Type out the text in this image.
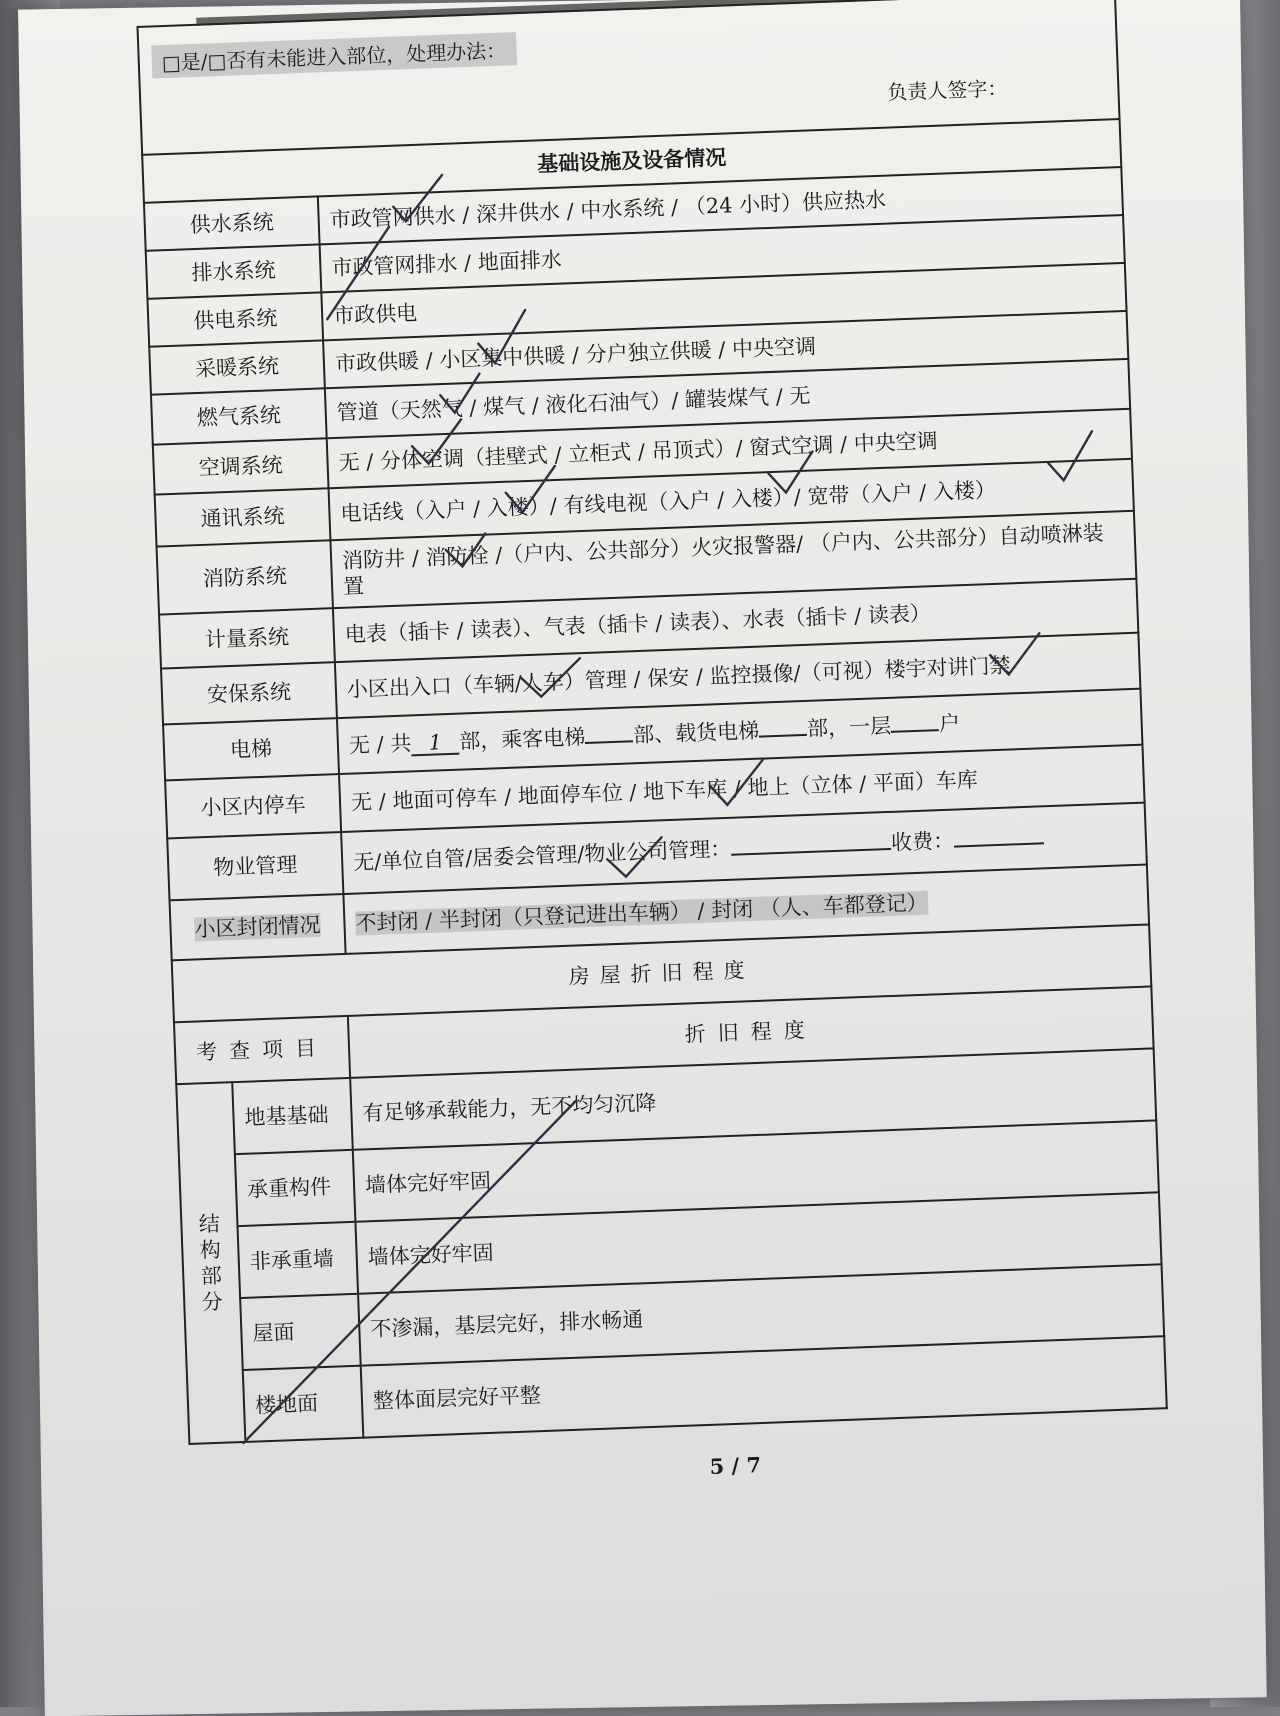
□是/□否有未能进入部位，处理办法：
负责人签字：
基础设施及设备情况		
供水系统		市政管网供水 / 深井供水 / 中水系统 / （24 小时）供应热水
排水系统		市政管网排水 / 地面排水
供电系统		市政供电
采暖系统		市政供暖 / 小区集中供暖 / 分户独立供暖 / 中央空调
燃气系统		管道（天然气 / 煤气 / 液化石油气）/ 罐装煤气 / 无
空调系统		无 / 分体空调（挂壁式 / 立柜式 / 吊顶式）/ 窗式空调 / 中央空调
通讯系统		电话线（入户 / 入楼）/ 有线电视（入户 / 入楼）/ 宽带（入户 / 入楼）
消防系统		消防井 / 消防栓 /（户内、公共部分）火灾报警器/ （户内、公共部分）自动喷淋装置
计量系统		电表（插卡 / 读表）、气表（插卡 / 读表）、水表（插卡 / 读表）
安保系统		小区出入口（车辆/人车）管理 / 保安 / 监控摄像/（可视）楼宇对讲门禁
电梯		无 / 共 1 部，乘客电梯 部、载货电梯 部，一层 户
小区内停车		无 / 地面可停车 / 地面停车位 / 地下车库 / 地上（立体 / 平面）车库
物业管理		无/单位自管/居委会管理/物业公司管理： 收费：
小区封闭情况		不封闭 / 半封闭（只登记进出车辆） / 封闭 （人、车都登记）
房屋折旧程度		
考查项目		折旧程度
结
构
部
分	地基基础	有足够承载能力，无不均匀沉降
	承重构件	墙体完好牢固
	非承重墙	墙体完好牢固
	屋面	不渗漏，基层完好，排水畅通
	楼地面	整体面层完好平整
5 / 7
